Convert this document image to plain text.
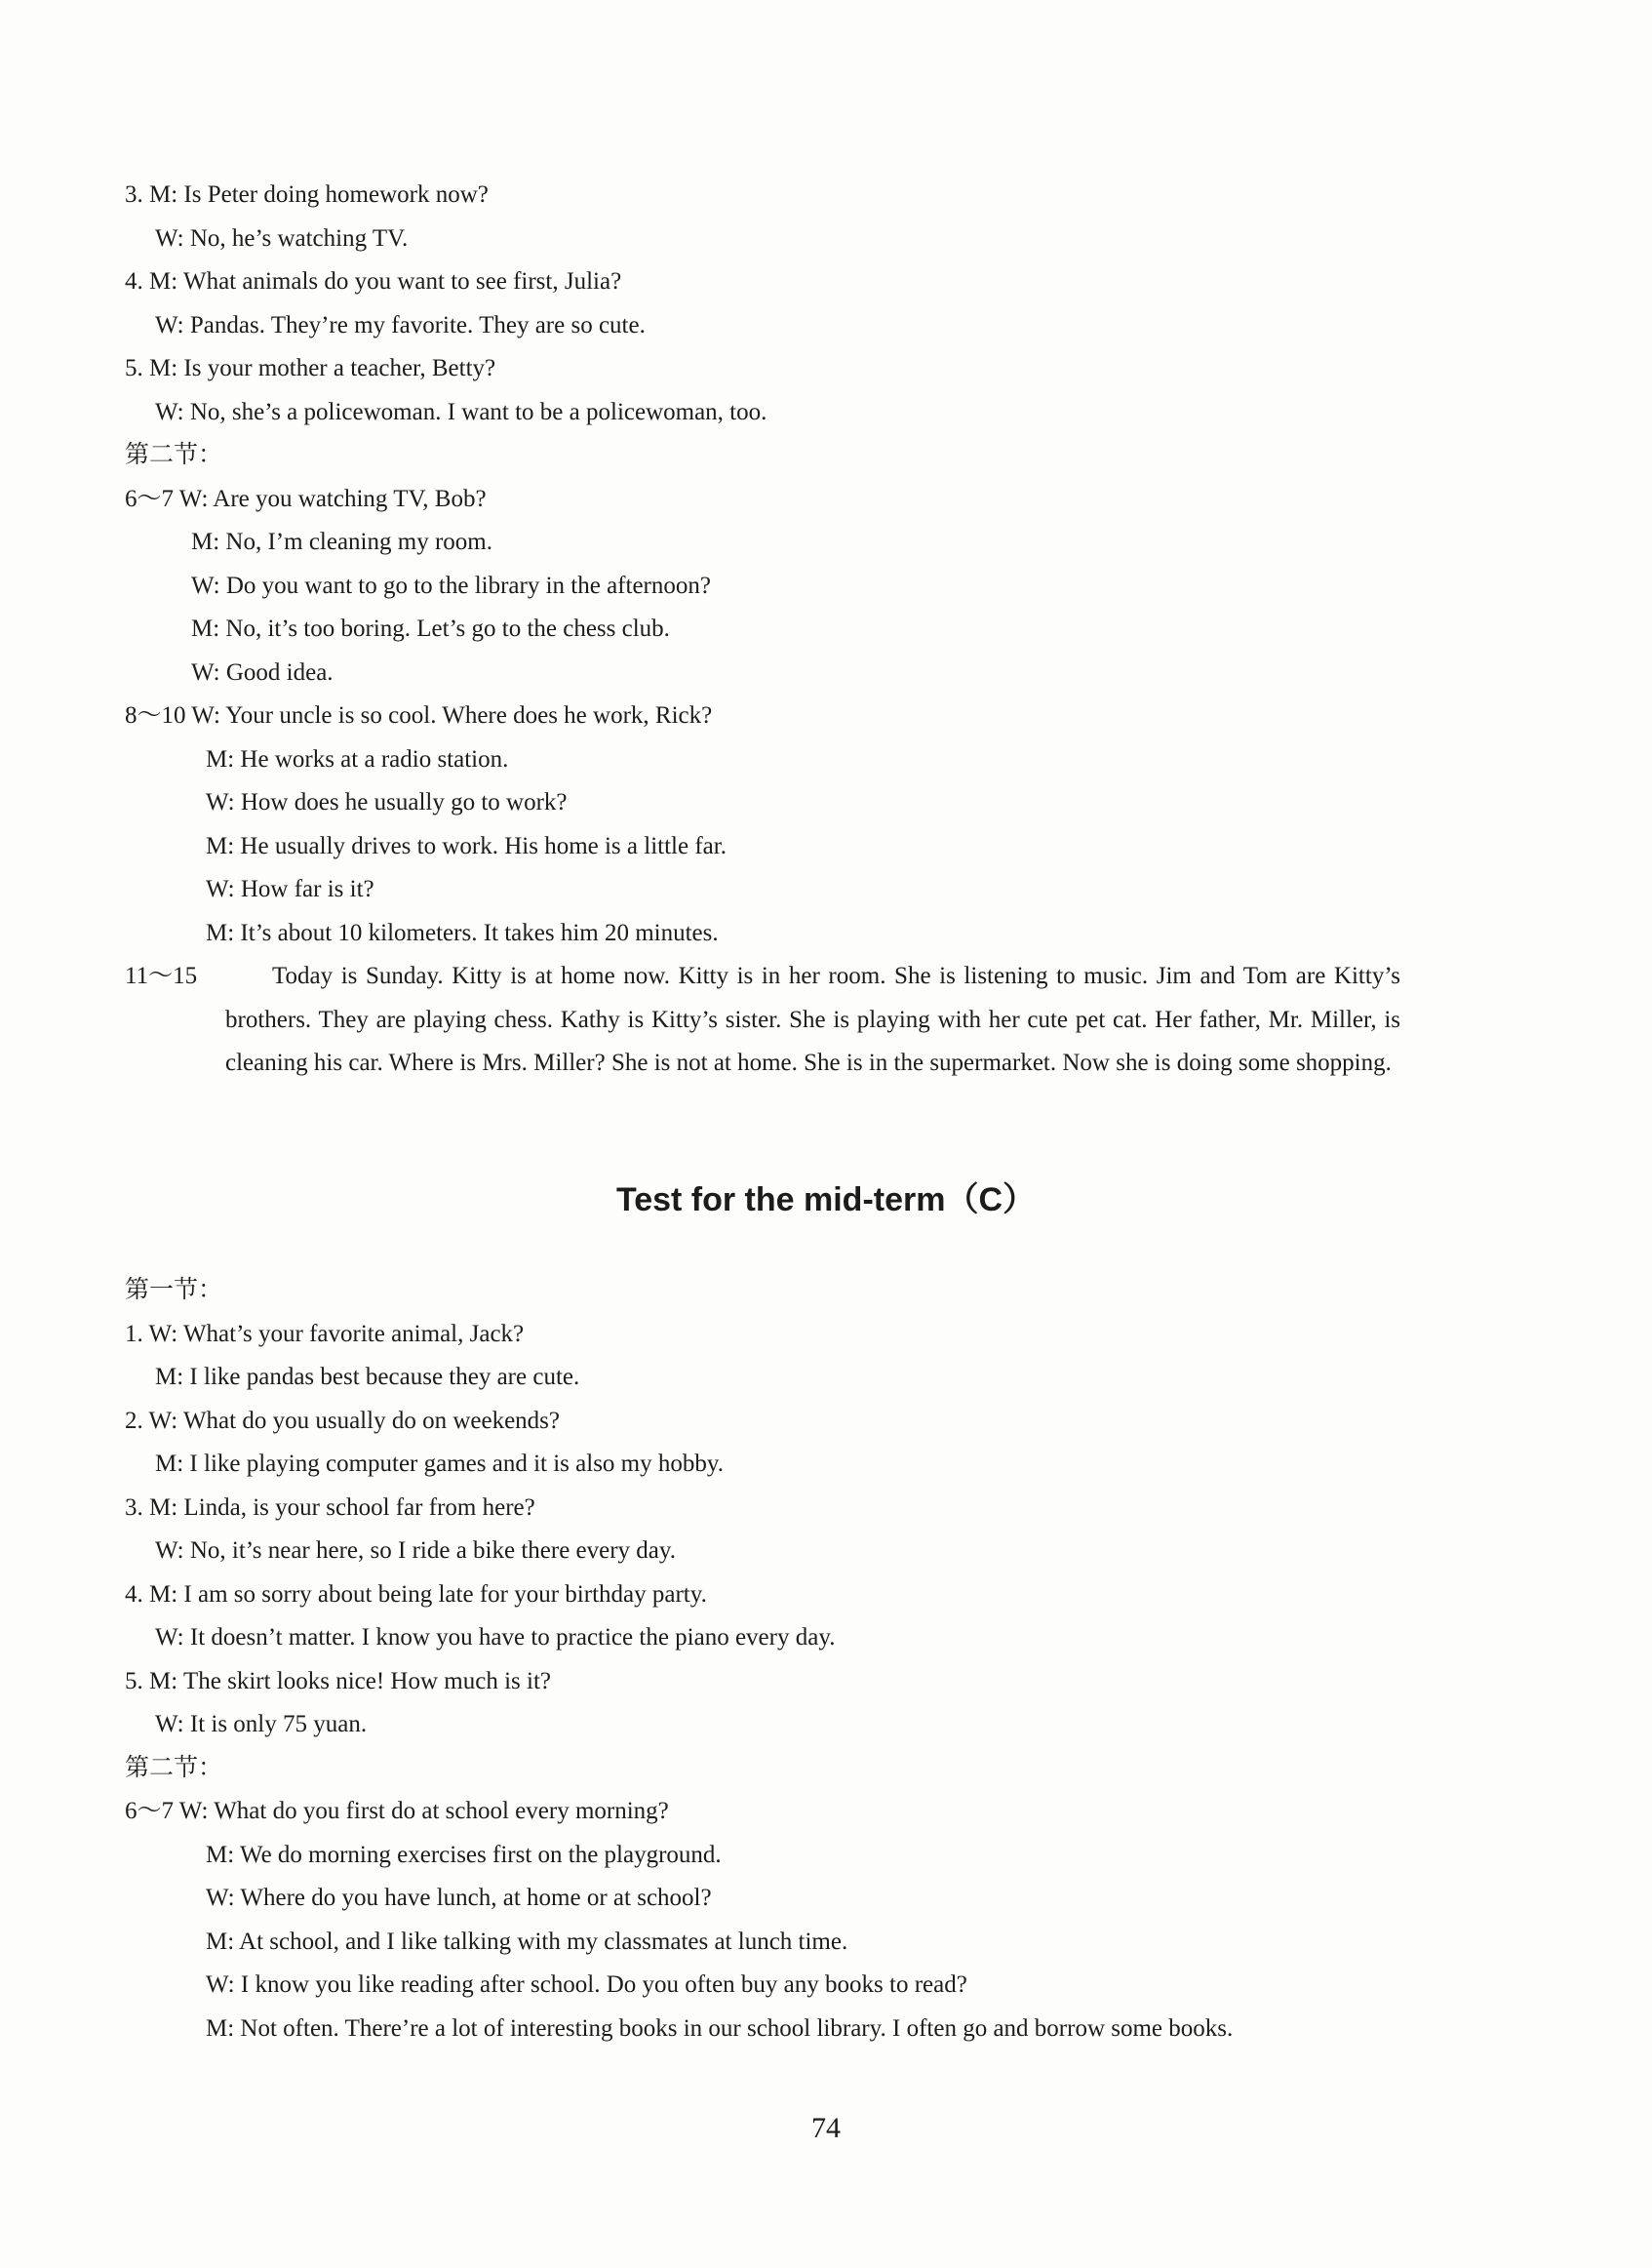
3. M: Is Peter doing homework now?
W: No, he’s watching TV.
4. M: What animals do you want to see first, Julia?
W: Pandas. They’re my favorite. They are so cute.
5. M: Is your mother a teacher, Betty?
W: No, she’s a policewoman. I want to be a policewoman, too.
第二节：
6～7 W: Are you watching TV, Bob?
M: No, I’m cleaning my room.
W: Do you want to go to the library in the afternoon?
M: No, it’s too boring. Let’s go to the chess club.
W: Good idea.
8～10 W: Your uncle is so cool. Where does he work, Rick?
M: He works at a radio station.
W: How does he usually go to work?
M: He usually drives to work. His home is a little far.
W: How far is it?
M: It’s about 10 kilometers. It takes him 20 minutes.
11～15	Today is Sunday. Kitty is at home now. Kitty is in her room. She is listening to music. Jim and Tom are Kitty’s brothers. They are playing chess. Kathy is Kitty’s sister. She is playing with her cute pet cat. Her father, Mr. Miller, is cleaning his car. Where is Mrs. Miller? She is not at home. She is in the supermarket. Now she is doing some shopping.
Test for the mid-term（C）
第一节：
1. W: What’s your favorite animal, Jack?
M: I like pandas best because they are cute.
2. W: What do you usually do on weekends?
M: I like playing computer games and it is also my hobby.
3. M: Linda, is your school far from here?
W: No, it’s near here, so I ride a bike there every day.
4. M: I am so sorry about being late for your birthday party.
W: It doesn’t matter. I know you have to practice the piano every day.
5. M: The skirt looks nice! How much is it?
W: It is only 75 yuan.
第二节：
6～7 W: What do you first do at school every morning?
M: We do morning exercises first on the playground.
W: Where do you have lunch, at home or at school?
M: At school, and I like talking with my classmates at lunch time.
W: I know you like reading after school. Do you often buy any books to read?
M: Not often. There’re a lot of interesting books in our school library. I often go and borrow some books.
74
